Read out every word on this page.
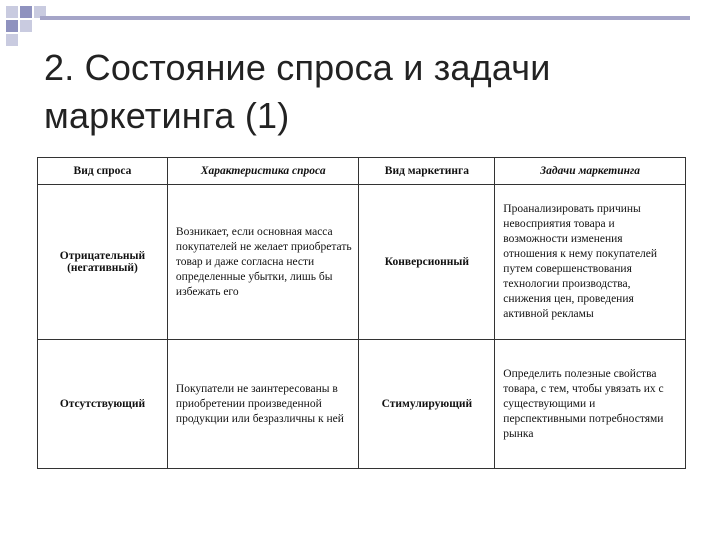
2. Состояние спроса и задачи
маркетинга (1)
Вид спроса	Характеристика спроса	Вид маркетинга	Задачи маркетинга
Отрицательный (негативный)	Возникает, если основная масса покупателей не желает приобретать товар и даже согласна нести определенные убытки, лишь бы избежать его	Конверсионный	Проанализировать причины невосприятия товара и возможности изменения отношения к нему покупателей путем совершенствования технологии производства, снижения цен, проведения активной рекламы
Отсутствующий	Покупатели не заинтересованы в приобретении произведенной продукции или безразличны к ней	Стимулирующий	Определить полезные свойства товара, с тем, чтобы увязать их с существующими и перспективными потребностями рынка
